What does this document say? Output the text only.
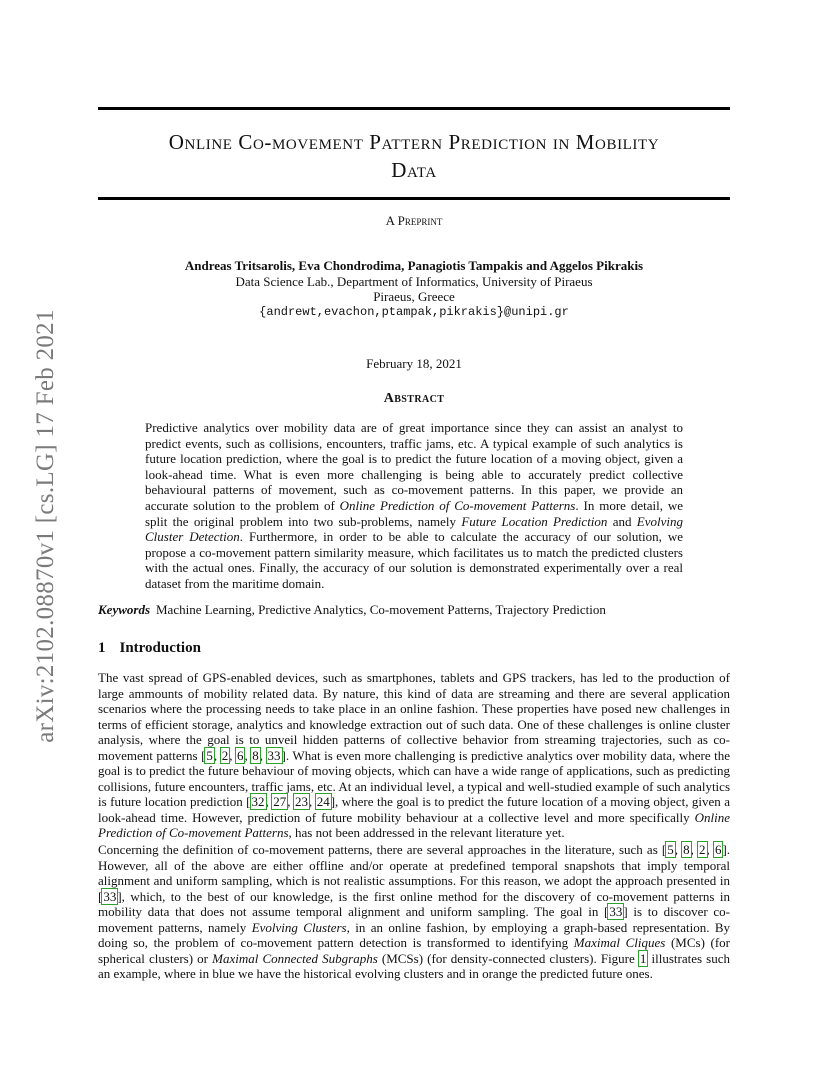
arXiv:2102.08870v1 [cs.LG] 17 Feb 2021
Online Co-movement Pattern Prediction in Mobility
Data
A Preprint
Andreas Tritsarolis, Eva Chondrodima, Panagiotis Tampakis and Aggelos Pikrakis
Data Science Lab., Department of Informatics, University of Piraeus
Piraeus, Greece
{andrewt,evachon,ptampak,pikrakis}@unipi.gr
February 18, 2021
Abstract
Predictive analytics over mobility data are of great importance since they can assist an analyst to predict events, such as collisions, encounters, traffic jams, etc. A typical example of such analytics is future location prediction, where the goal is to predict the future location of a moving object, given a look-ahead time. What is even more challenging is being able to accurately predict collective behavioural patterns of movement, such as co-movement patterns. In this paper, we provide an accurate solution to the problem of Online Prediction of Co-movement Patterns. In more detail, we split the original problem into two sub-problems, namely Future Location Prediction and Evolving Cluster Detection. Furthermore, in order to be able to calculate the accuracy of our solution, we propose a co-movement pattern similarity measure, which facilitates us to match the predicted clusters with the actual ones. Finally, the accuracy of our solution is demonstrated experimentally over a real dataset from the maritime domain.
Keywords Machine Learning, Predictive Analytics, Co-movement Patterns, Trajectory Prediction
1 Introduction
The vast spread of GPS-enabled devices, such as smartphones, tablets and GPS trackers, has led to the production of large ammounts of mobility related data. By nature, this kind of data are streaming and there are several application scenarios where the processing needs to take place in an online fashion. These properties have posed new challenges in terms of efficient storage, analytics and knowledge extraction out of such data. One of these challenges is online cluster analysis, where the goal is to unveil hidden patterns of collective behavior from streaming trajectories, such as co-movement patterns [5, 2, 6, 8, 33]. What is even more challenging is predictive analytics over mobility data, where the goal is to predict the future behaviour of moving objects, which can have a wide range of applications, such as predicting collisions, future encounters, traffic jams, etc. At an individual level, a typical and well-studied example of such analytics is future location prediction [32, 27, 23, 24], where the goal is to predict the future location of a moving object, given a look-ahead time. However, prediction of future mobility behaviour at a collective level and more specifically Online Prediction of Co-movement Patterns, has not been addressed in the relevant literature yet.
Concerning the definition of co-movement patterns, there are several approaches in the literature, such as [5, 8, 2, 6]. However, all of the above are either offline and/or operate at predefined temporal snapshots that imply temporal alignment and uniform sampling, which is not realistic assumptions. For this reason, we adopt the approach presented in [33], which, to the best of our knowledge, is the first online method for the discovery of co-movement patterns in mobility data that does not assume temporal alignment and uniform sampling. The goal in [33] is to discover co-movement patterns, namely Evolving Clusters, in an online fashion, by employing a graph-based representation. By doing so, the problem of co-movement pattern detection is transformed to identifying Maximal Cliques (MCs) (for spherical clusters) or Maximal Connected Subgraphs (MCSs) (for density-connected clusters). Figure 1 illustrates such an example, where in blue we have the historical evolving clusters and in orange the predicted future ones.
